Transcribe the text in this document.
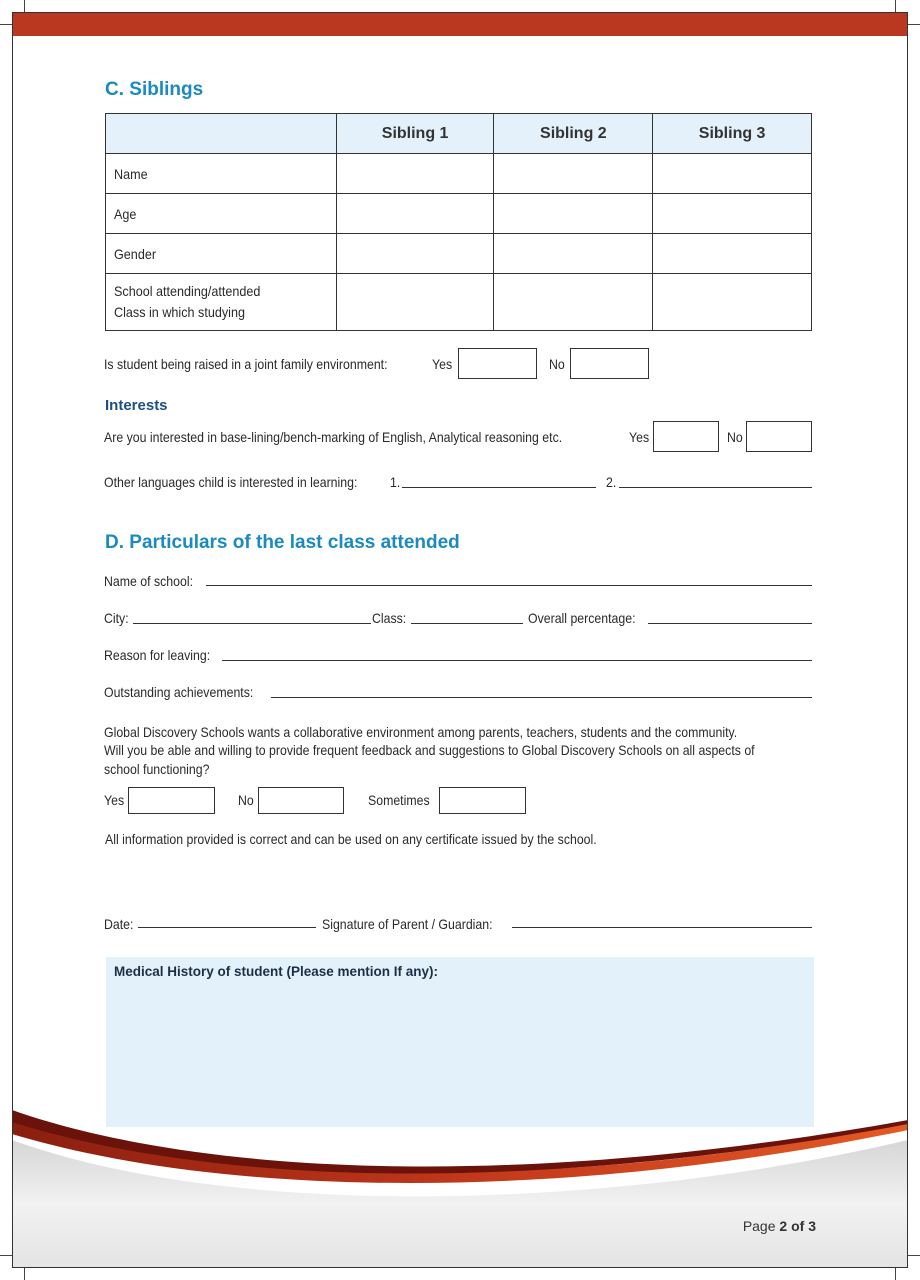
C. Siblings
	Sibling 1	Sibling 2	Sibling 3
Name			
Age			
Gender			
School attending/attended
Class in which studying			
Is student being raised in a joint family environment:	Yes	No
Interests
Are you interested in base-lining/bench-marking of English, Analytical reasoning etc.	Yes	No
Other languages child is interested in learning: 1.	2.
D. Particulars of the last class attended
Name of school:
City:	Class:	Overall percentage:
Reason for leaving:
Outstanding achievements:
Global Discovery Schools wants a collaborative environment among parents, teachers, students and the community.
Will you be able and willing to provide frequent feedback and suggestions to Global Discovery Schools on all aspects of
school functioning?
Yes	No	Sometimes
All information provided is correct and can be used on any certificate issued by the school.
Date:	Signature of Parent / Guardian:
Medical History of student (Please mention If any):
Page 2 of 3
